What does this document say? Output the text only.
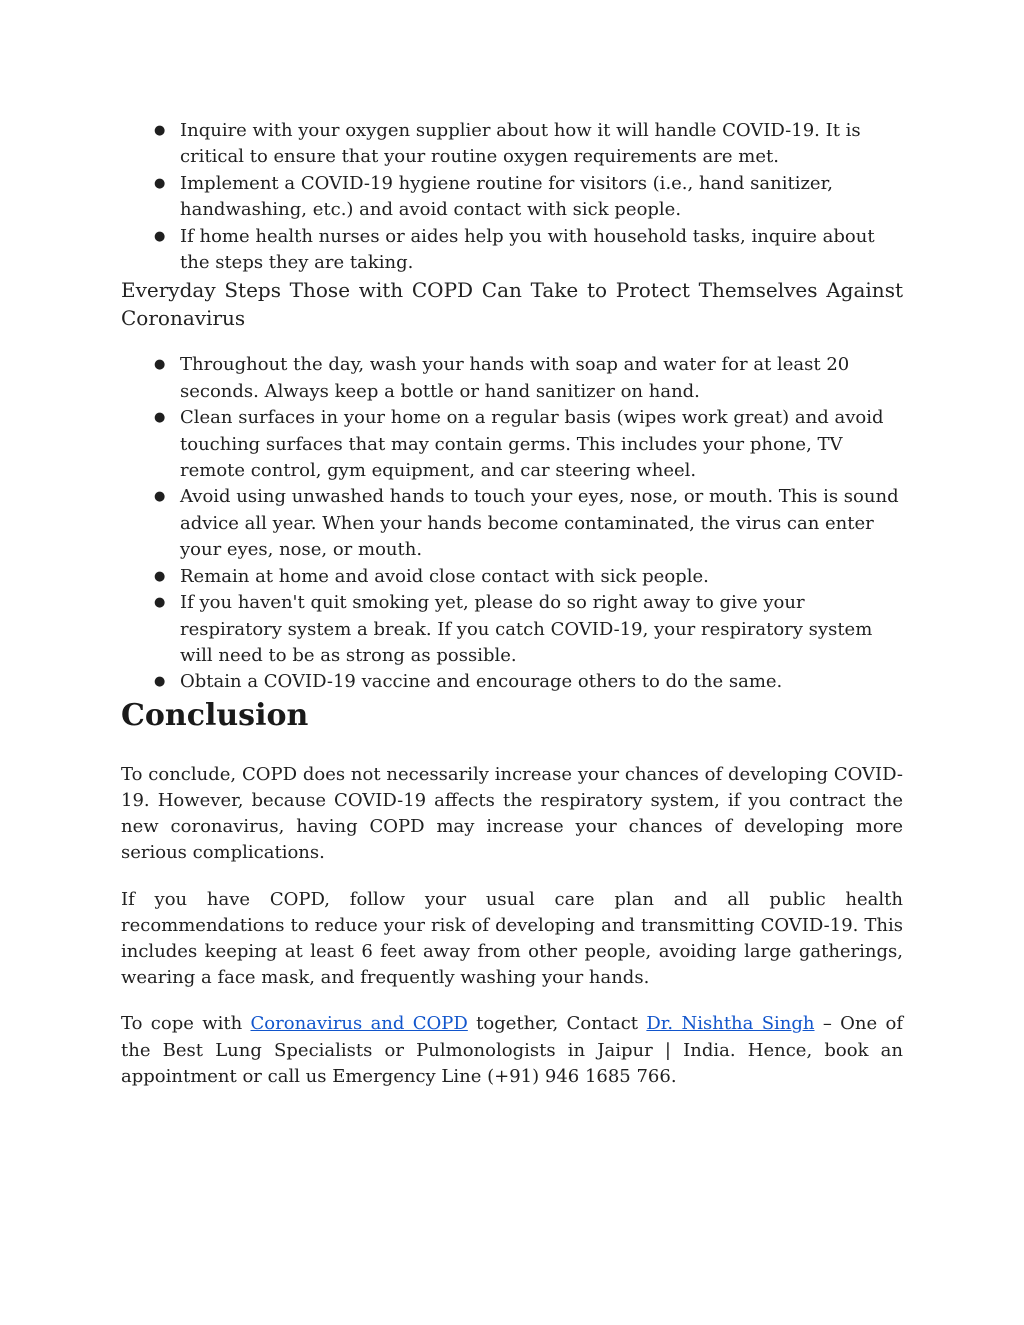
● Inquire with your oxygen supplier about how it will handle COVID-19. It is critical to ensure that your routine oxygen requirements are met.
● Implement a COVID-19 hygiene routine for visitors (i.e., hand sanitizer, handwashing, etc.) and avoid contact with sick people.
● If home health nurses or aides help you with household tasks, inquire about the steps they are taking.
Everyday Steps Those with COPD Can Take to Protect Themselves Against Coronavirus
● Throughout the day, wash your hands with soap and water for at least 20 seconds. Always keep a bottle or hand sanitizer on hand.
● Clean surfaces in your home on a regular basis (wipes work great) and avoid touching surfaces that may contain germs. This includes your phone, TV remote control, gym equipment, and car steering wheel.
● Avoid using unwashed hands to touch your eyes, nose, or mouth. This is sound advice all year. When your hands become contaminated, the virus can enter your eyes, nose, or mouth.
● Remain at home and avoid close contact with sick people.
● If you haven't quit smoking yet, please do so right away to give your respiratory system a break. If you catch COVID-19, your respiratory system will need to be as strong as possible.
● Obtain a COVID-19 vaccine and encourage others to do the same.
Conclusion

To conclude, COPD does not necessarily increase your chances of developing COVID-19. However, because COVID-19 affects the respiratory system, if you contract the new coronavirus, having COPD may increase your chances of developing more serious complications.

If you have COPD, follow your usual care plan and all public health recommendations to reduce your risk of developing and transmitting COVID-19. This includes keeping at least 6 feet away from other people, avoiding large gatherings, wearing a face mask, and frequently washing your hands.

To cope with Coronavirus and COPD together, Contact Dr. Nishtha Singh – One of the Best Lung Specialists or Pulmonologists in Jaipur | India. Hence, book an appointment or call us Emergency Line (+91) 946 1685 766.
